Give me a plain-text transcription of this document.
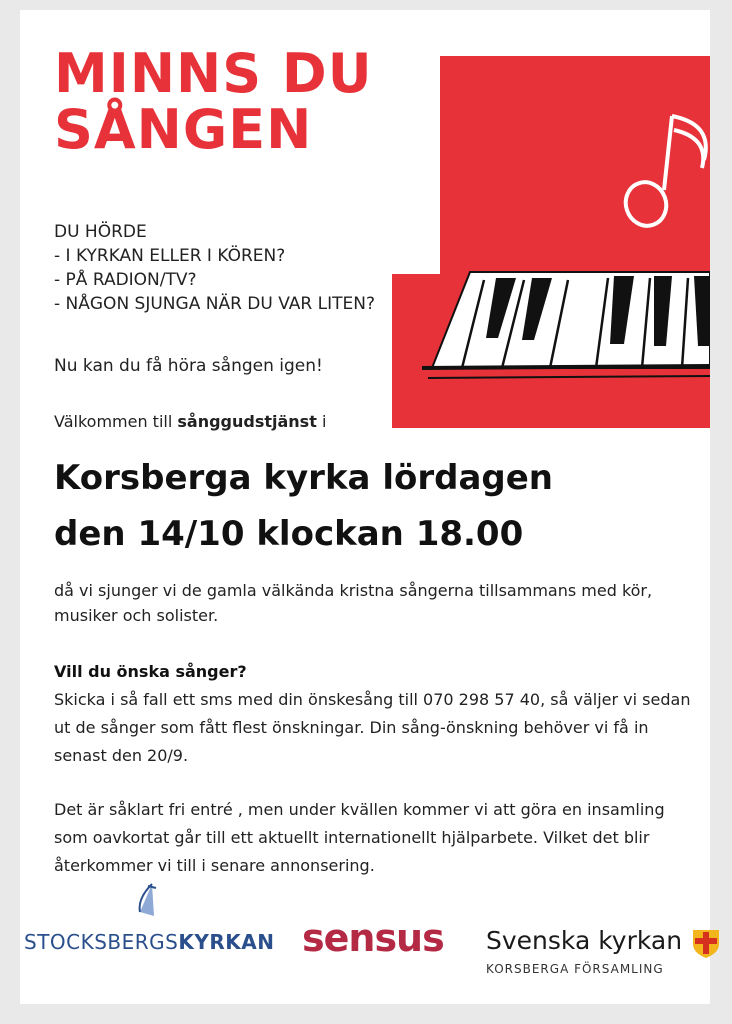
MINNS DU
SÅNGEN
DU HÖRDE
- I KYRKAN ELLER I KÖREN?
- PÅ RADION/TV?
- NÅGON SJUNGA NÄR DU VAR LITEN?

Nu kan du få höra sången igen!

Välkommen till sånggudstjänst i

Korsberga kyrka lördagen
den 14/10 klockan 18.00

då vi sjunger vi de gamla välkända kristna sångerna tillsammans med kör, musiker och solister.

Vill du önska sånger?

Skicka i så fall ett sms med din önskesång till 070 298 57 40, så väljer vi sedan ut de sånger som fått flest önskningar. Din sång-önskning behöver vi få in senast den 20/9.

Det är såklart fri entré , men under kvällen kommer vi att göra en insamling som oavkortat går till ett aktuellt internationellt hjälparbete. Vilket det blir återkommer vi till i senare annonsering.

STOCKSBERGSKYRKAN sensus Svenska kyrkan
KORSBERGA FÖRSAMLING
